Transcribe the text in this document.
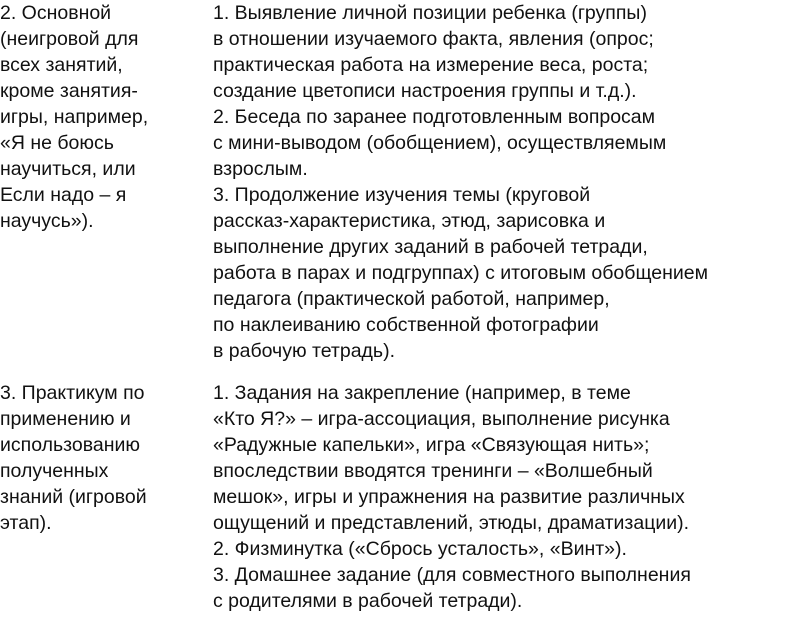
2. Основной
(неигровой для
всех занятий,
кроме занятия-
игры, например,
«Я не боюсь
научиться, или
Если надо – я
научусь»).
1. Выявление личной позиции ребенка (группы)
в отношении изучаемого факта, явления (опрос;
практическая работа на измерение веса, роста;
создание цветописи настроения группы и т.д.).
2. Беседа по заранее подготовленным вопросам
с мини-выводом (обобщением), осуществляемым
взрослым.
3. Продолжение изучения темы (круговой
рассказ-характеристика, этюд, зарисовка и
выполнение других заданий в рабочей тетради,
работа в парах и подгруппах) с итоговым обобщением
педагога (практической работой, например,
по наклеиванию собственной фотографии
в рабочую тетрадь).
3. Практикум по
применению и
использованию
полученных
знаний (игровой
этап).
1. Задания на закрепление (например, в теме
«Кто Я?» – игра-ассоциация, выполнение рисунка
«Радужные капельки», игра «Связующая нить»;
впоследствии вводятся тренинги – «Волшебный
мешок», игры и упражнения на развитие различных
ощущений и представлений, этюды, драматизации).
2. Физминутка («Сбрось усталость», «Винт»).
3. Домашнее задание (для совместного выполнения
с родителями в рабочей тетради).
